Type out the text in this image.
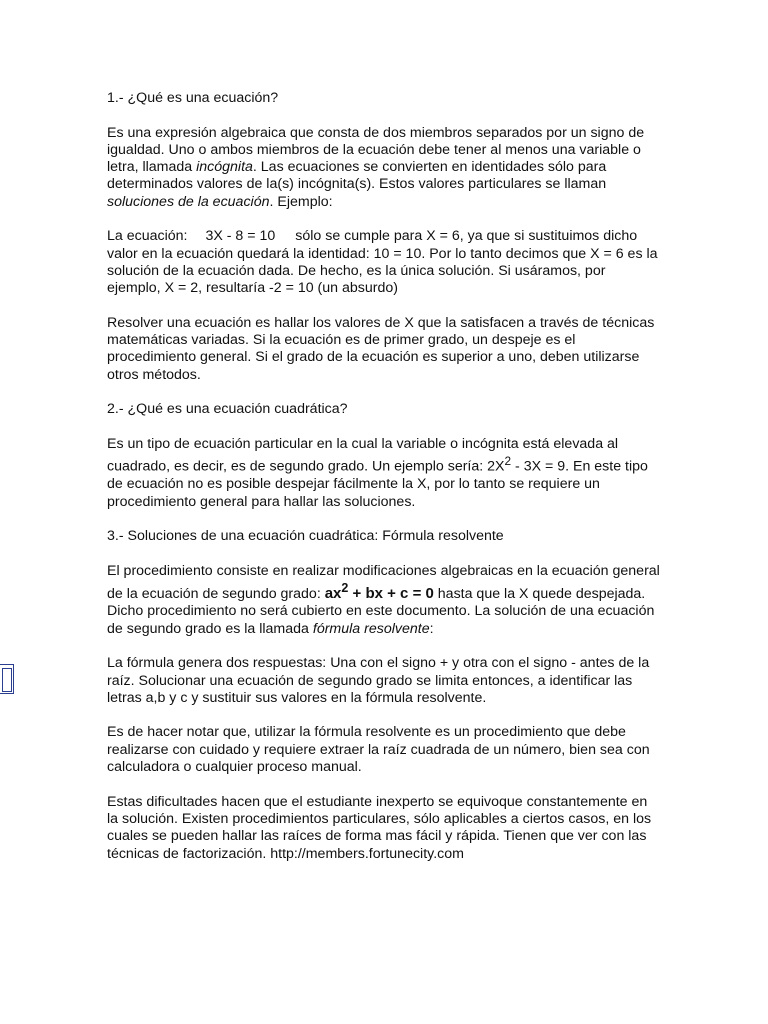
1.- ¿Qué es una ecuación?

Es una expresión algebraica que consta de dos miembros separados por un signo de igualdad. Uno o ambos miembros de la ecuación debe tener al menos una variable o letra, llamada incógnita. Las ecuaciones se convierten en identidades sólo para determinados valores de la(s) incógnita(s). Estos valores particulares se llaman soluciones de la ecuación. Ejemplo:

La ecuación: 3X - 8 = 10 sólo se cumple para X = 6, ya que si sustituimos dicho valor en la ecuación quedará la identidad: 10 = 10. Por lo tanto decimos que X = 6 es la solución de la ecuación dada. De hecho, es la única solución. Si usáramos, por ejemplo, X = 2, resultaría -2 = 10 (un absurdo)

Resolver una ecuación es hallar los valores de X que la satisfacen a través de técnicas matemáticas variadas. Si la ecuación es de primer grado, un despeje es el procedimiento general. Si el grado de la ecuación es superior a uno, deben utilizarse otros métodos.

2.- ¿Qué es una ecuación cuadrática?

Es un tipo de ecuación particular en la cual la variable o incógnita está elevada al cuadrado, es decir, es de segundo grado. Un ejemplo sería: $2X^2 - 3X = 9$. En este tipo de ecuación no es posible despejar fácilmente la X, por lo tanto se requiere un procedimiento general para hallar las soluciones.

3.- Soluciones de una ecuación cuadrática: Fórmula resolvente

El procedimiento consiste en realizar modificaciones algebraicas en la ecuación general de la ecuación de segundo grado: $ax^2$ + bx + c = 0 hasta que la X quede despejada. Dicho procedimiento no será cubierto en este documento. La solución de una ecuación de segundo grado es la llamada fórmula resolvente:

La fórmula genera dos respuestas: Una con el signo + y otra con el signo - antes de la raíz. Solucionar una ecuación de segundo grado se limita entonces, a identificar las letras a,b y c y sustituir sus valores en la fórmula resolvente.

Es de hacer notar que, utilizar la fórmula resolvente es un procedimiento que debe realizarse con cuidado y requiere extraer la raíz cuadrada de un número, bien sea con calculadora o cualquier proceso manual.

Estas dificultades hacen que el estudiante inexperto se equivoque constantemente en la solución. Existen procedimientos particulares, sólo aplicables a ciertos casos, en los cuales se pueden hallar las raíces de forma mas fácil y rápida. Tienen que ver con las técnicas de factorización. http://members.fortunecity.com
